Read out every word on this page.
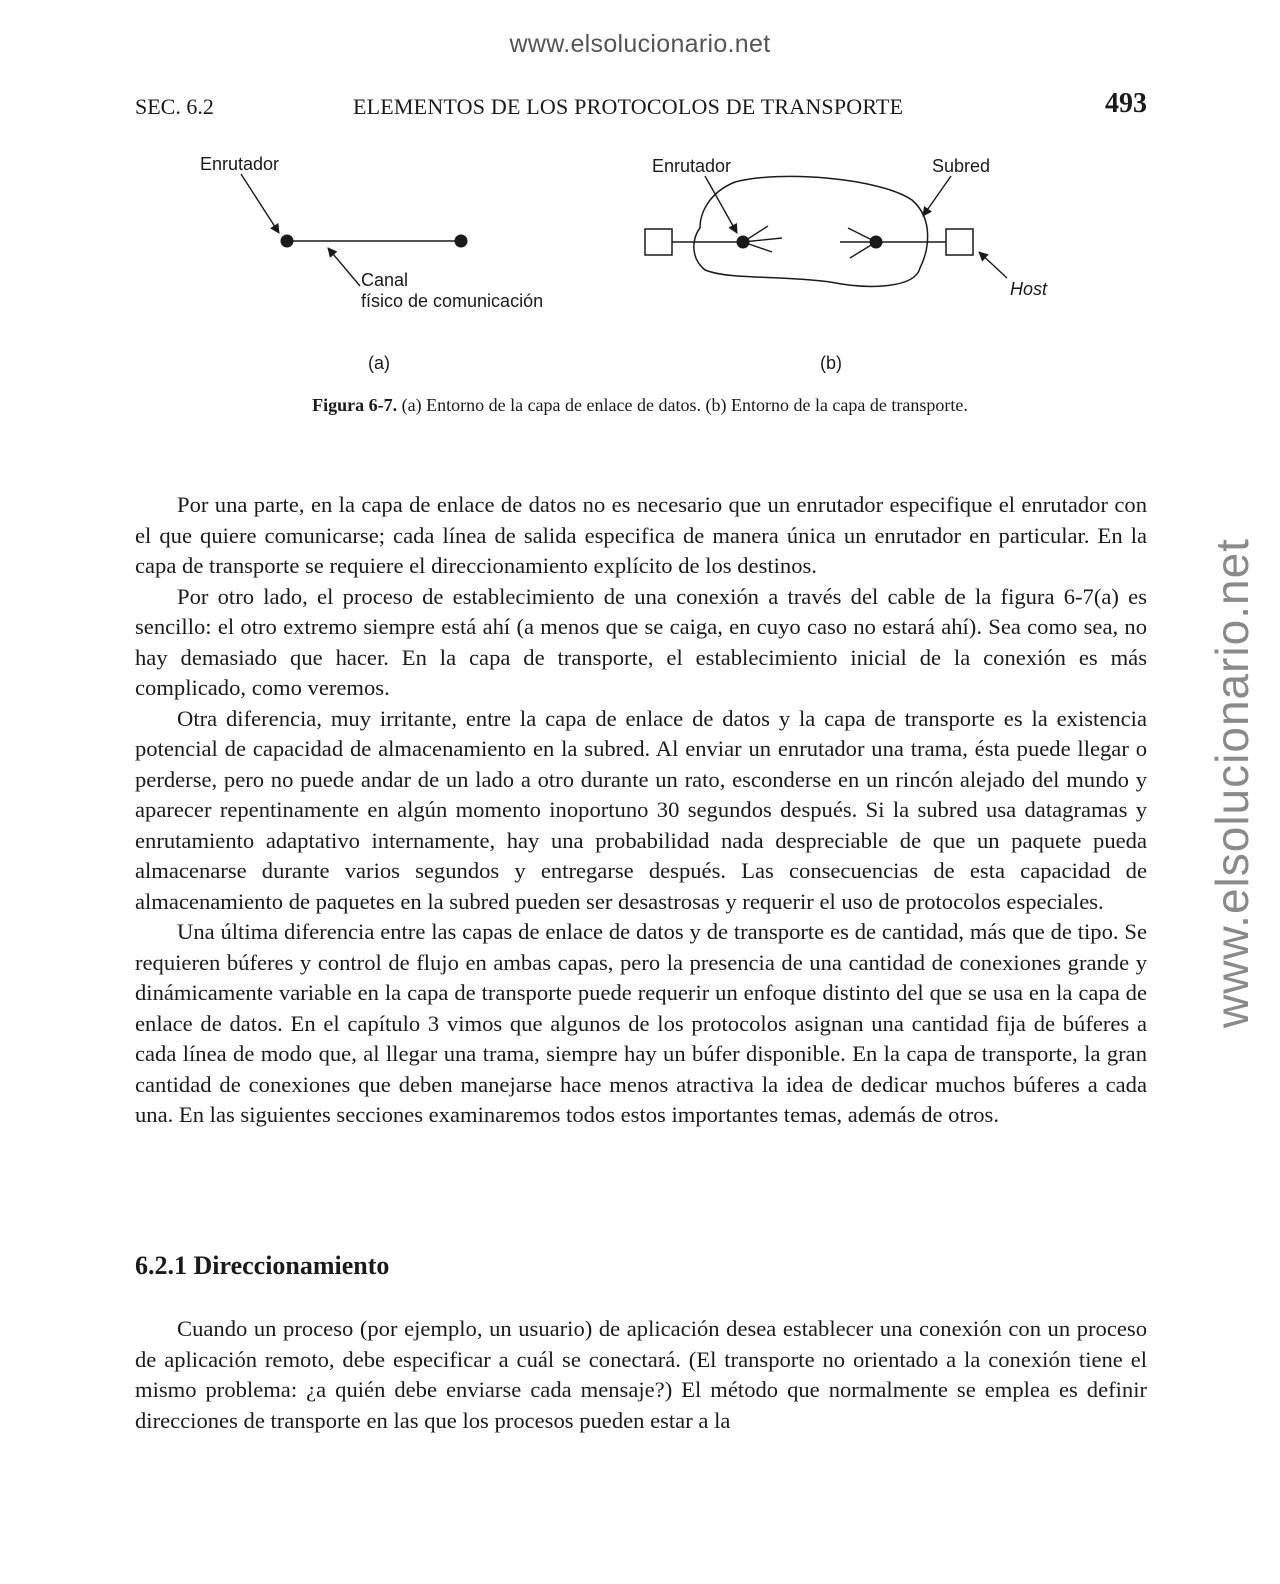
www.elsolucionario.net
www.elsolucionario.net
SEC. 6.2	ELEMENTOS DE LOS PROTOCOLOS DE TRANSPORTE	493
Enrutador
Canal
físico de comunicación
(a)
Enrutador	Subred
Host
(b)
Figura 6-7. (a) Entorno de la capa de enlace de datos. (b) Entorno de la capa de transporte.

Por una parte, en la capa de enlace de datos no es necesario que un enrutador especifique el enrutador con el que quiere comunicarse; cada línea de salida especifica de manera única un enrutador en particular. En la capa de transporte se requiere el direccionamiento explícito de los destinos.

Por otro lado, el proceso de establecimiento de una conexión a través del cable de la figura 6-7(a) es sencillo: el otro extremo siempre está ahí (a menos que se caiga, en cuyo caso no estará ahí). Sea como sea, no hay demasiado que hacer. En la capa de transporte, el establecimiento inicial de la conexión es más complicado, como veremos.

Otra diferencia, muy irritante, entre la capa de enlace de datos y la capa de transporte es la existencia potencial de capacidad de almacenamiento en la subred. Al enviar un enrutador una trama, ésta puede llegar o perderse, pero no puede andar de un lado a otro durante un rato, esconderse en un rincón alejado del mundo y aparecer repentinamente en algún momento inoportuno 30 segundos después. Si la subred usa datagramas y enrutamiento adaptativo internamente, hay una probabilidad nada despreciable de que un paquete pueda almacenarse durante varios segundos y entregarse después. Las consecuencias de esta capacidad de almacenamiento de paquetes en la subred pueden ser desastrosas y requerir el uso de protocolos especiales.

Una última diferencia entre las capas de enlace de datos y de transporte es de cantidad, más que de tipo. Se requieren búferes y control de flujo en ambas capas, pero la presencia de una cantidad de conexiones grande y dinámicamente variable en la capa de transporte puede requerir un enfoque distinto del que se usa en la capa de enlace de datos. En el capítulo 3 vimos que algunos de los protocolos asignan una cantidad fija de búferes a cada línea de modo que, al llegar una trama, siempre hay un búfer disponible. En la capa de transporte, la gran cantidad de conexiones que deben manejarse hace menos atractiva la idea de dedicar muchos búferes a cada una. En las siguientes secciones examinaremos todos estos importantes temas, además de otros.

6.2.1 Direccionamiento

Cuando un proceso (por ejemplo, un usuario) de aplicación desea establecer una conexión con un proceso de aplicación remoto, debe especificar a cuál se conectará. (El transporte no orientado a la conexión tiene el mismo problema: ¿a quién debe enviarse cada mensaje?) El método que normalmente se emplea es definir direcciones de transporte en las que los procesos pueden estar a la
